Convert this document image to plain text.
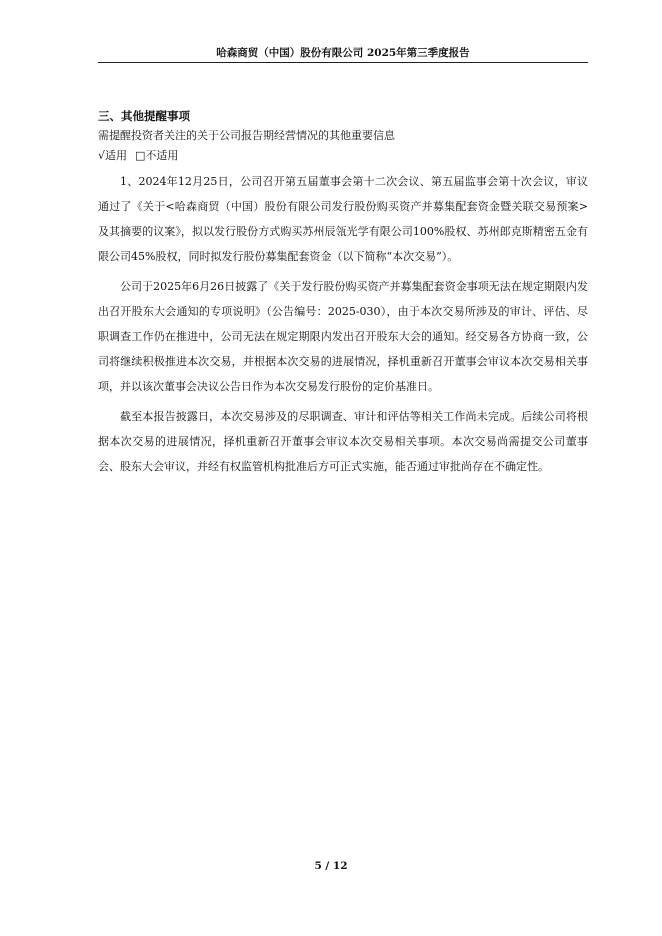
哈森商贸（中国）股份有限公司 2025年第三季度报告

三、其他提醒事项

需提醒投资者关注的关于公司报告期经营情况的其他重要信息

√适用 □不适用

1、2024年12月25日，公司召开第五届董事会第十二次会议、第五届监事会第十次会议，审议通过了《关于<哈森商贸（中国）股份有限公司发行股份购买资产并募集配套资金暨关联交易预案>及其摘要的议案》，拟以发行股份方式购买苏州辰瓴光学有限公司100%股权、苏州郎克斯精密五金有限公司45%股权，同时拟发行股份募集配套资金（以下简称“本次交易”）。

公司于2025年6月26日披露了《关于发行股份购买资产并募集配套资金事项无法在规定期限内发出召开股东大会通知的专项说明》（公告编号：2025-030），由于本次交易所涉及的审计、评估、尽职调查工作仍在推进中，公司无法在规定期限内发出召开股东大会的通知。经交易各方协商一致，公司将继续积极推进本次交易，并根据本次交易的进展情况，择机重新召开董事会审议本次交易相关事项，并以该次董事会决议公告日作为本次交易发行股份的定价基准日。

截至本报告披露日，本次交易涉及的尽职调查、审计和评估等相关工作尚未完成。后续公司将根据本次交易的进展情况，择机重新召开董事会审议本次交易相关事项。本次交易尚需提交公司董事会、股东大会审议，并经有权监管机构批准后方可正式实施，能否通过审批尚存在不确定性。

5 / 12
